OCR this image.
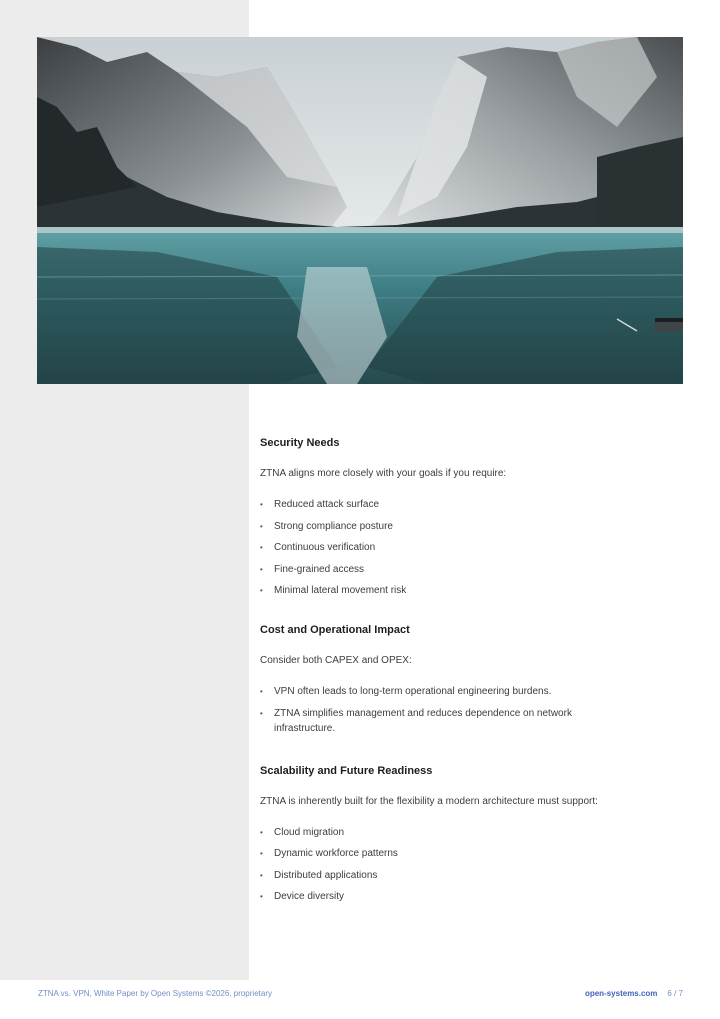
Security Needs

ZTNA aligns more closely with your goals if you require:

• Reduced attack surface
• Strong compliance posture
• Continuous verification
• Fine-grained access
• Minimal lateral movement risk
Cost and Operational Impact

Consider both CAPEX and OPEX:

• VPN often leads to long-term operational engineering burdens.
• ZTNA simplifies management and reduces dependence on network infrastructure.
Scalability and Future Readiness

ZTNA is inherently built for the flexibility a modern architecture must support:

• Cloud migration
• Dynamic workforce patterns
• Distributed applications
• Device diversity
ZTNA vs. VPN, White Paper by Open Systems ©2026, proprietary	open-systems.com 6 / 7
